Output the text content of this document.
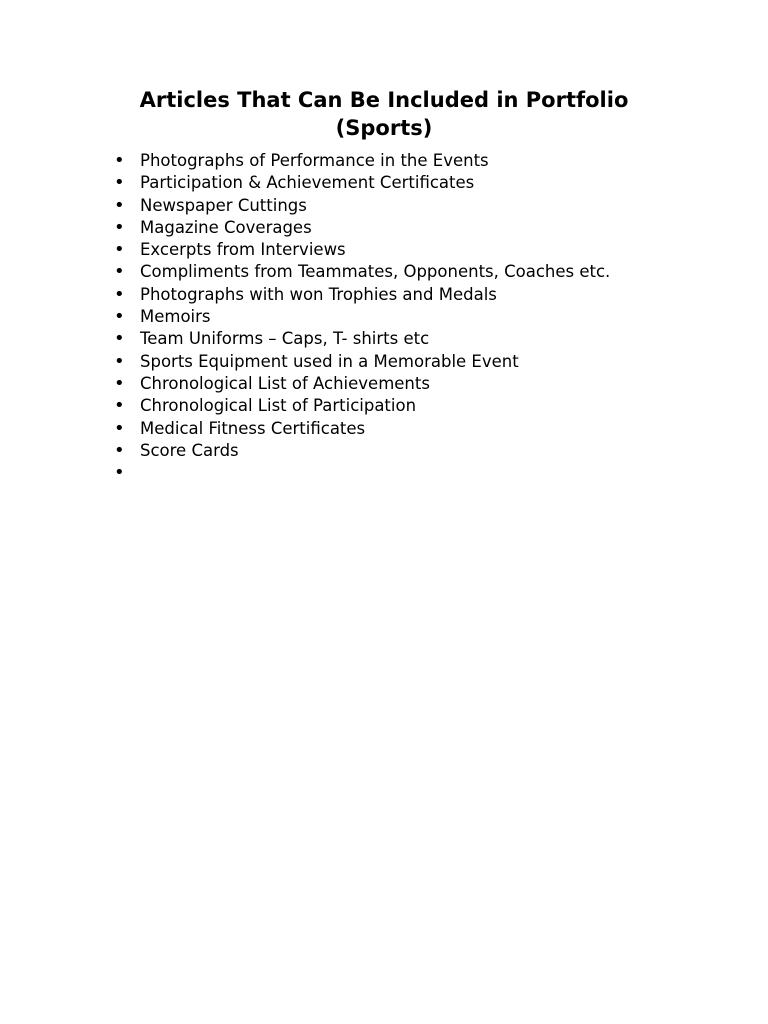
Articles That Can Be Included in Portfolio
(Sports)
• Photographs of Performance in the Events
• Participation & Achievement Certificates
• Newspaper Cuttings
• Magazine Coverages
• Excerpts from Interviews
• Compliments from Teammates, Opponents, Coaches etc.
• Photographs with won Trophies and Medals
• Memoirs
• Team Uniforms – Caps, T- shirts etc
• Sports Equipment used in a Memorable Event
• Chronological List of Achievements
• Chronological List of Participation
• Medical Fitness Certificates
• Score Cards
•
